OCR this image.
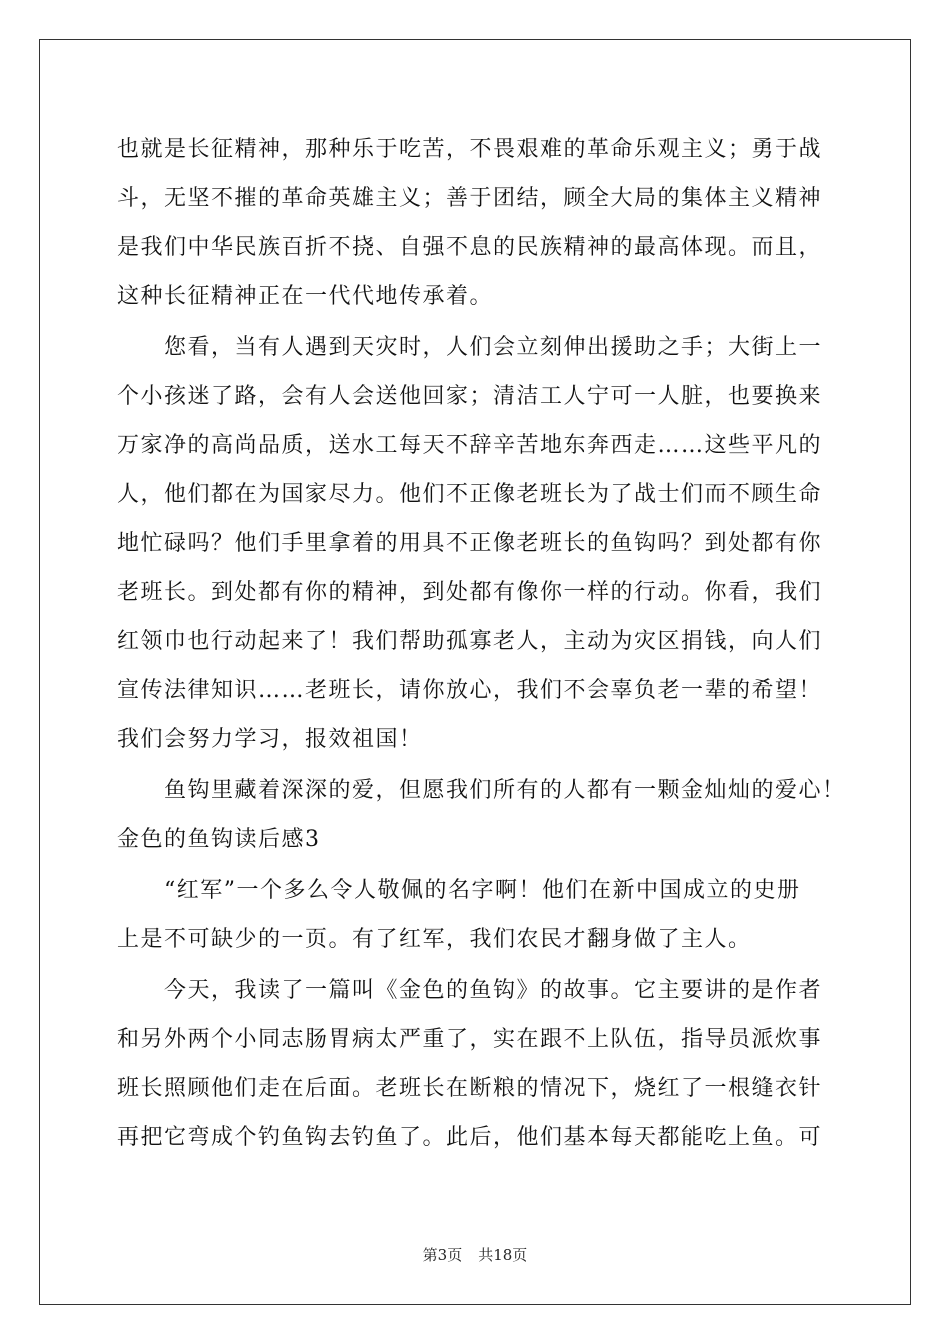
也就是长征精神，那种乐于吃苦，不畏艰难的革命乐观主义；勇于战
斗，无坚不摧的革命英雄主义；善于团结，顾全大局的集体主义精神
是我们中华民族百折不挠、自强不息的民族精神的最高体现。而且，
这种长征精神正在一代代地传承着。
　　您看，当有人遇到天灾时，人们会立刻伸出援助之手；大街上一
个小孩迷了路，会有人会送他回家；清洁工人宁可一人脏，也要换来
万家净的高尚品质，送水工每天不辞辛苦地东奔西走……这些平凡的
人，他们都在为国家尽力。他们不正像老班长为了战士们而不顾生命
地忙碌吗？他们手里拿着的用具不正像老班长的鱼钩吗？到处都有你
老班长。到处都有你的精神，到处都有像你一样的行动。你看，我们
红领巾也行动起来了！我们帮助孤寡老人，主动为灾区捐钱，向人们
宣传法律知识……老班长，请你放心，我们不会辜负老一辈的希望！
我们会努力学习，报效祖国！
　　鱼钩里藏着深深的爱，但愿我们所有的人都有一颗金灿灿的爱心！
金色的鱼钩读后感3
　　“红军”一个多么令人敬佩的名字啊！他们在新中国成立的史册
上是不可缺少的一页。有了红军，我们农民才翻身做了主人。
　　今天，我读了一篇叫《金色的鱼钩》的故事。它主要讲的是作者
和另外两个小同志肠胃病太严重了，实在跟不上队伍，指导员派炊事
班长照顾他们走在后面。老班长在断粮的情况下，烧红了一根缝衣针
再把它弯成个钓鱼钩去钓鱼了。此后，他们基本每天都能吃上鱼。可
第3页 共18页
